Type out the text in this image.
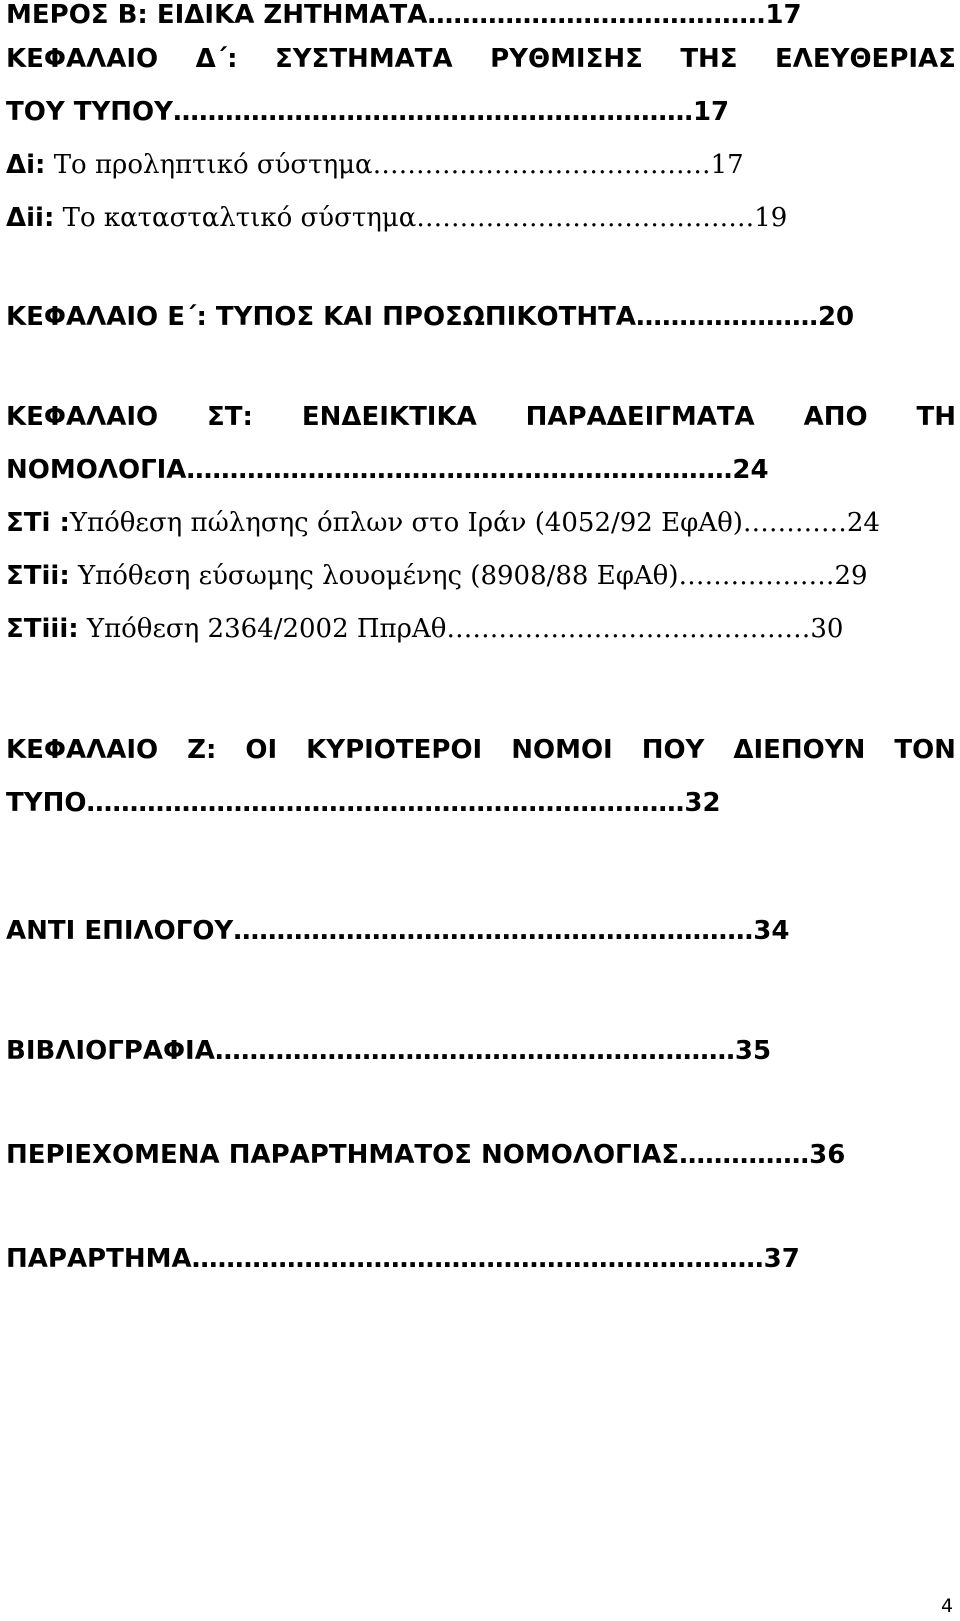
ΜΕΡΟΣ Β: ΕΙΔΙΚΑ ΖΗΤΗΜΑΤΑ…………………………………17
ΚΕΦΑΛΑΙΟ Δ΄: ΣΥΣΤΗΜΑΤΑ ΡΥΘΜΙΣΗΣ ΤΗΣ ΕΛΕΥΘΕΡΙΑΣ
ΤΟΥ ΤΥΠΟΥ……………………………………………………17
Δi: Το προληπτικό σύστημα…………………………………17
Δii: Το κατασταλτικό σύστημα…………………………………19
ΚΕΦΑΛΑΙΟ Ε΄: ΤΥΠΟΣ ΚΑΙ ΠΡΟΣΩΠΙΚΟΤΗΤΑ…………………20
ΚΕΦΑΛΑΙΟ ΣΤ: ΕΝΔΕΙΚΤΙΚΑ ΠΑΡΑΔΕΙΓΜΑΤΑ ΑΠΟ ΤΗ
ΝΟΜΟΛΟΓΙΑ………………………………………………………24
ΣΤi :Υπόθεση πώλησης όπλων στο Ιράν (4052/92 ΕφΑθ)…………24
ΣΤii: Υπόθεση εύσωμης λουομένης (8908/88 ΕφΑθ)………………29
ΣΤiii: Υπόθεση 2364/2002 ΠπρΑθ……………………………………30
ΚΕΦΑΛΑΙΟ Ζ: ΟΙ ΚΥΡΙΟΤΕΡΟΙ ΝΟΜΟΙ ΠΟΥ ΔΙΕΠΟΥΝ ΤΟΝ
ΤΥΠΟ……………………………………………………………32
ΑΝΤΙ ΕΠΙΛΟΓΟΥ……………………………………………………34
ΒΙΒΛΙΟΓΡΑΦΙΑ……………………………………………………35
ΠΕΡΙΕΧΟΜΕΝΑ ΠΑΡΑΡΤΗΜΑΤΟΣ ΝΟΜΟΛΟΓΙΑΣ……………36
ΠΑΡΑΡΤΗΜΑ…………………………………………………………37
4
